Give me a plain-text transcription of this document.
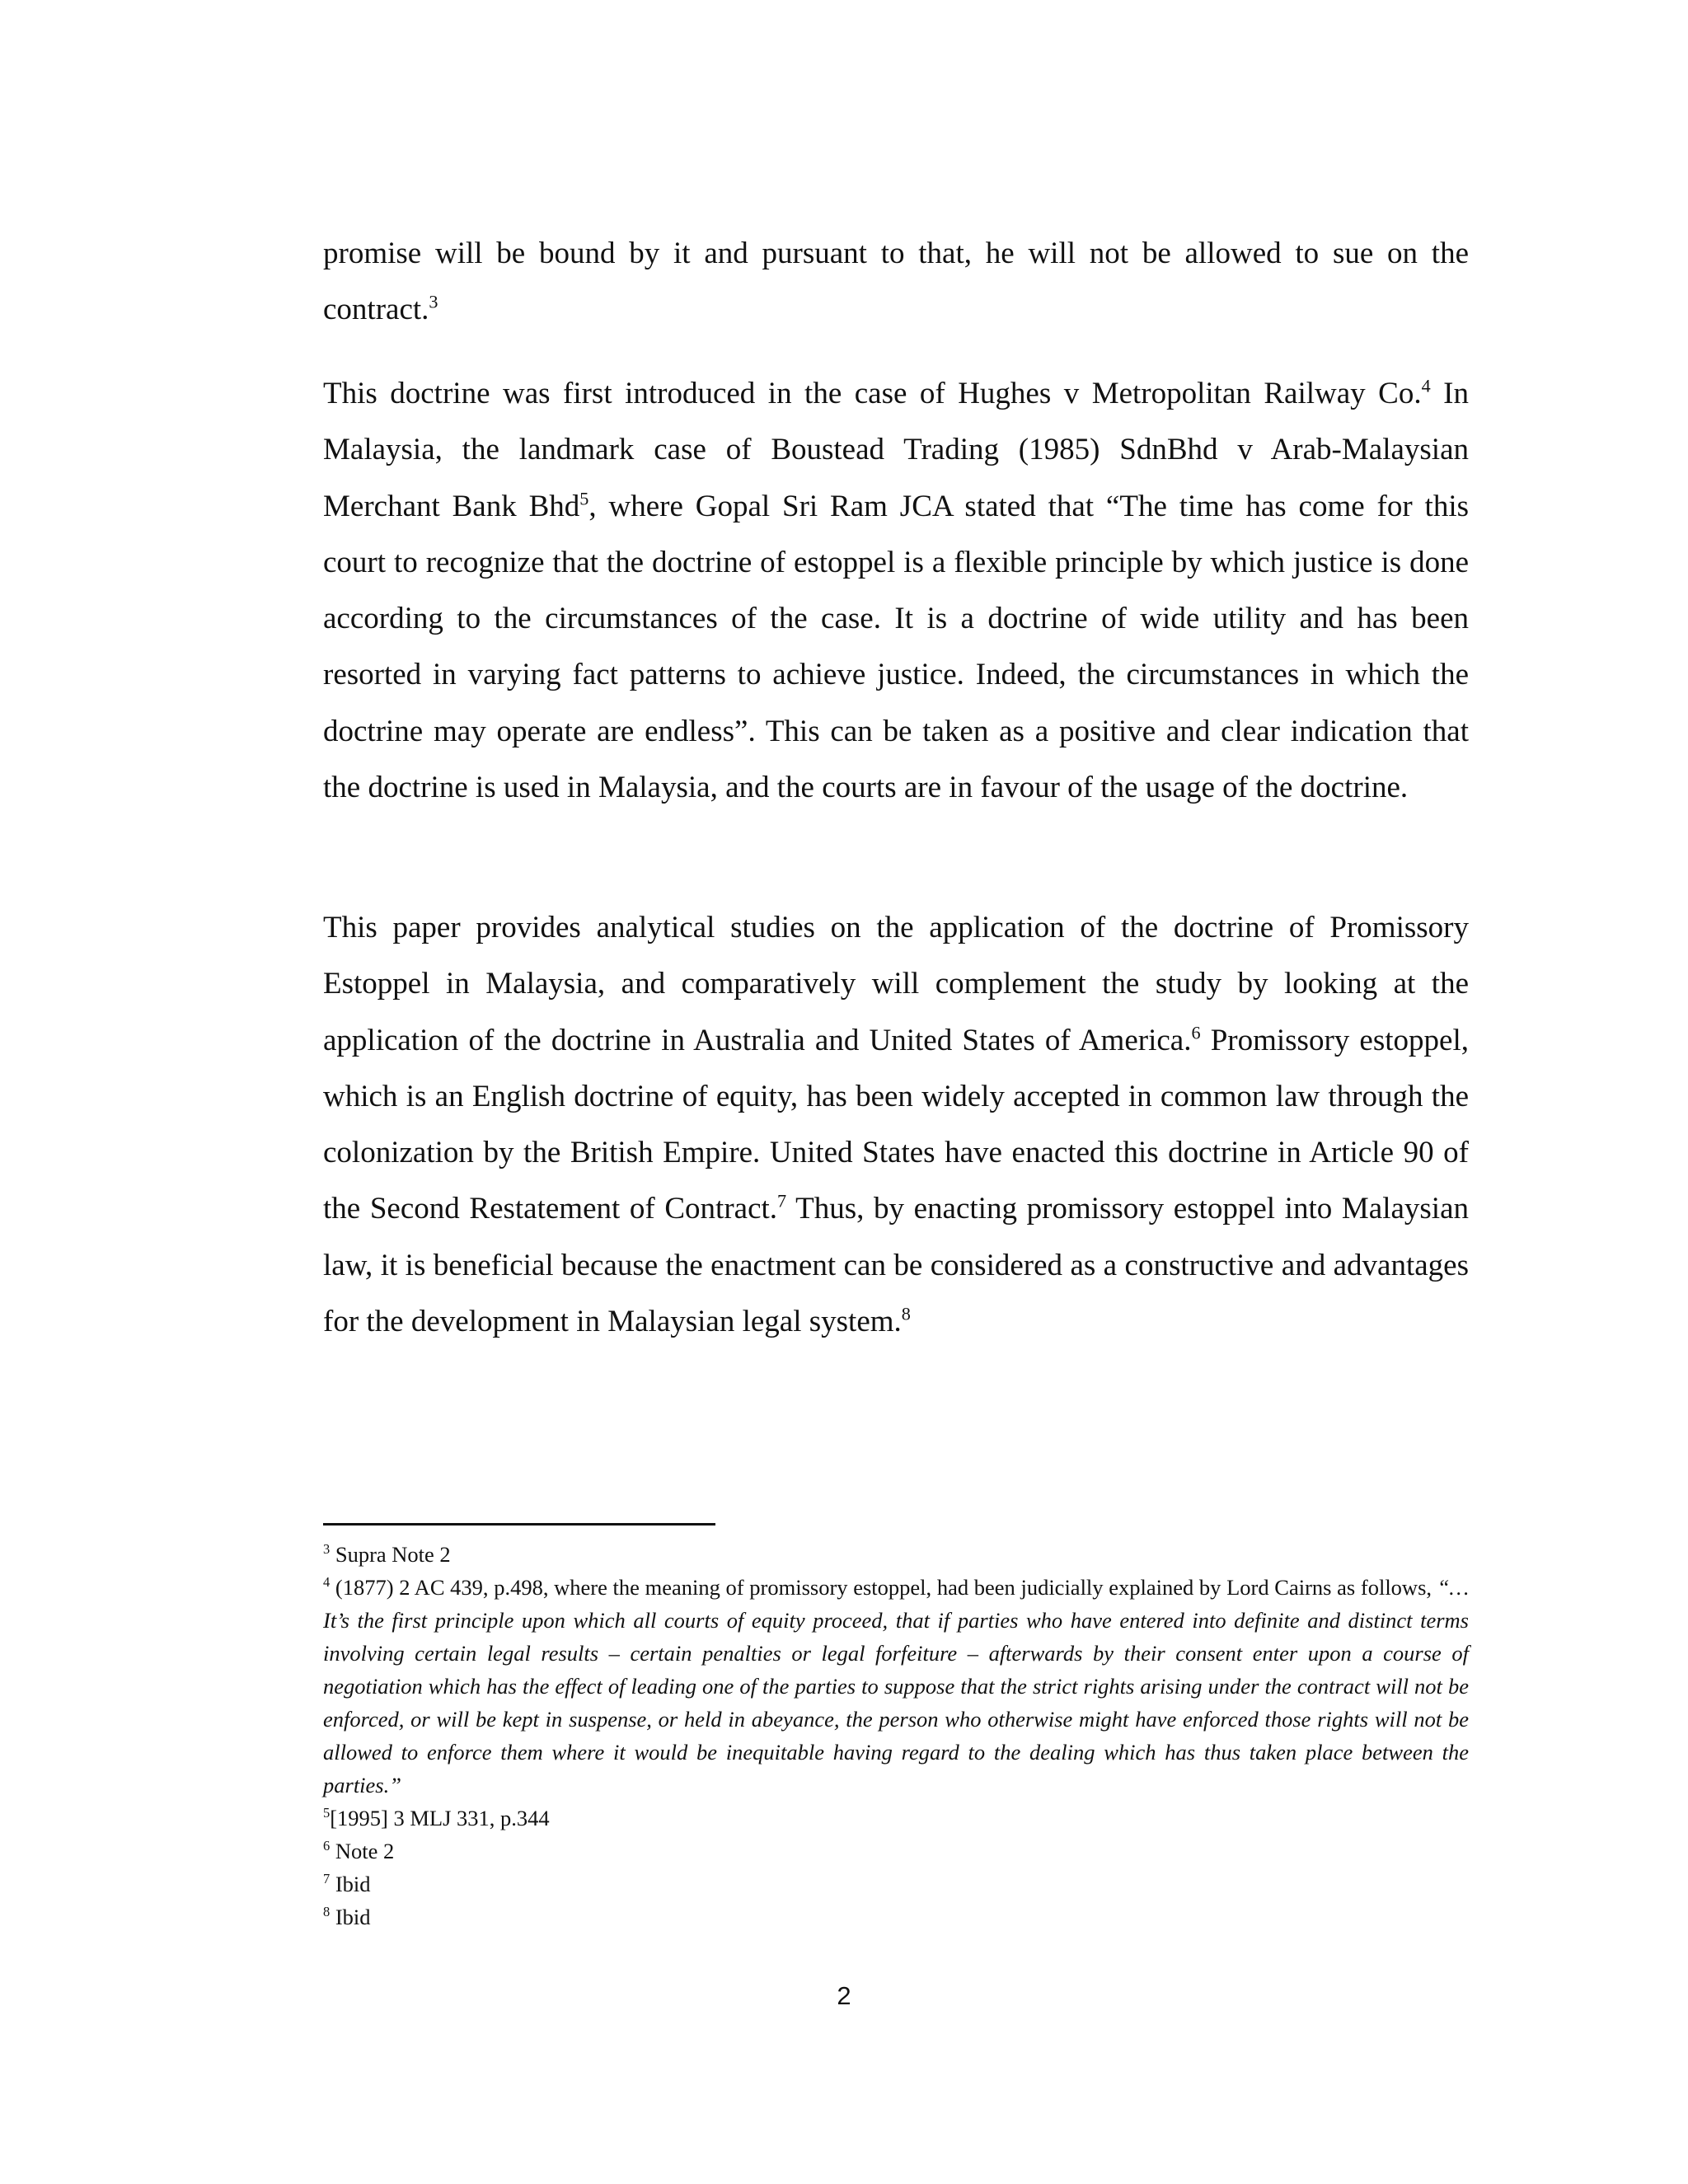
promise will be bound by it and pursuant to that, he will not be allowed to sue on the contract.$^3$

This doctrine was first introduced in the case of Hughes v Metropolitan Railway Co.$^4$ In Malaysia, the landmark case of Boustead Trading (1985) SdnBhd v Arab-Malaysian Merchant Bank Bhd$^5$, where Gopal Sri Ram JCA stated that “The time has come for this court to recognize that the doctrine of estoppel is a flexible principle by which justice is done according to the circumstances of the case. It is a doctrine of wide utility and has been resorted in varying fact patterns to achieve justice. Indeed, the circumstances in which the doctrine may operate are endless”. This can be taken as a positive and clear indication that the doctrine is used in Malaysia, and the courts are in favour of the usage of the doctrine.

This paper provides analytical studies on the application of the doctrine of Promissory Estoppel in Malaysia, and comparatively will complement the study by looking at the application of the doctrine in Australia and United States of America.$^6$ Promissory estoppel, which is an English doctrine of equity, has been widely accepted in common law through the colonization by the British Empire. United States have enacted this doctrine in Article 90 of the Second Restatement of Contract.$^7$ Thus, by enacting promissory estoppel into Malaysian law, it is beneficial because the enactment can be considered as a constructive and advantages for the development in Malaysian legal system.$^8$

$^3$ Supra Note 2

$^4$ (1877) 2 AC 439, p.498, where the meaning of promissory estoppel, had been judicially explained by Lord Cairns as follows, “…It’s the first principle upon which all courts of equity proceed, that if parties who have entered into definite and distinct terms involving certain legal results – certain penalties or legal forfeiture – afterwards by their consent enter upon a course of negotiation which has the effect of leading one of the parties to suppose that the strict rights arising under the contract will not be enforced, or will be kept in suspense, or held in abeyance, the person who otherwise might have enforced those rights will not be allowed to enforce them where it would be inequitable having regard to the dealing which has thus taken place between the parties.”

$^5$[1995] 3 MLJ 331, p.344

$^6$ Note 2

$^7$ Ibid

$^8$ Ibid

2
